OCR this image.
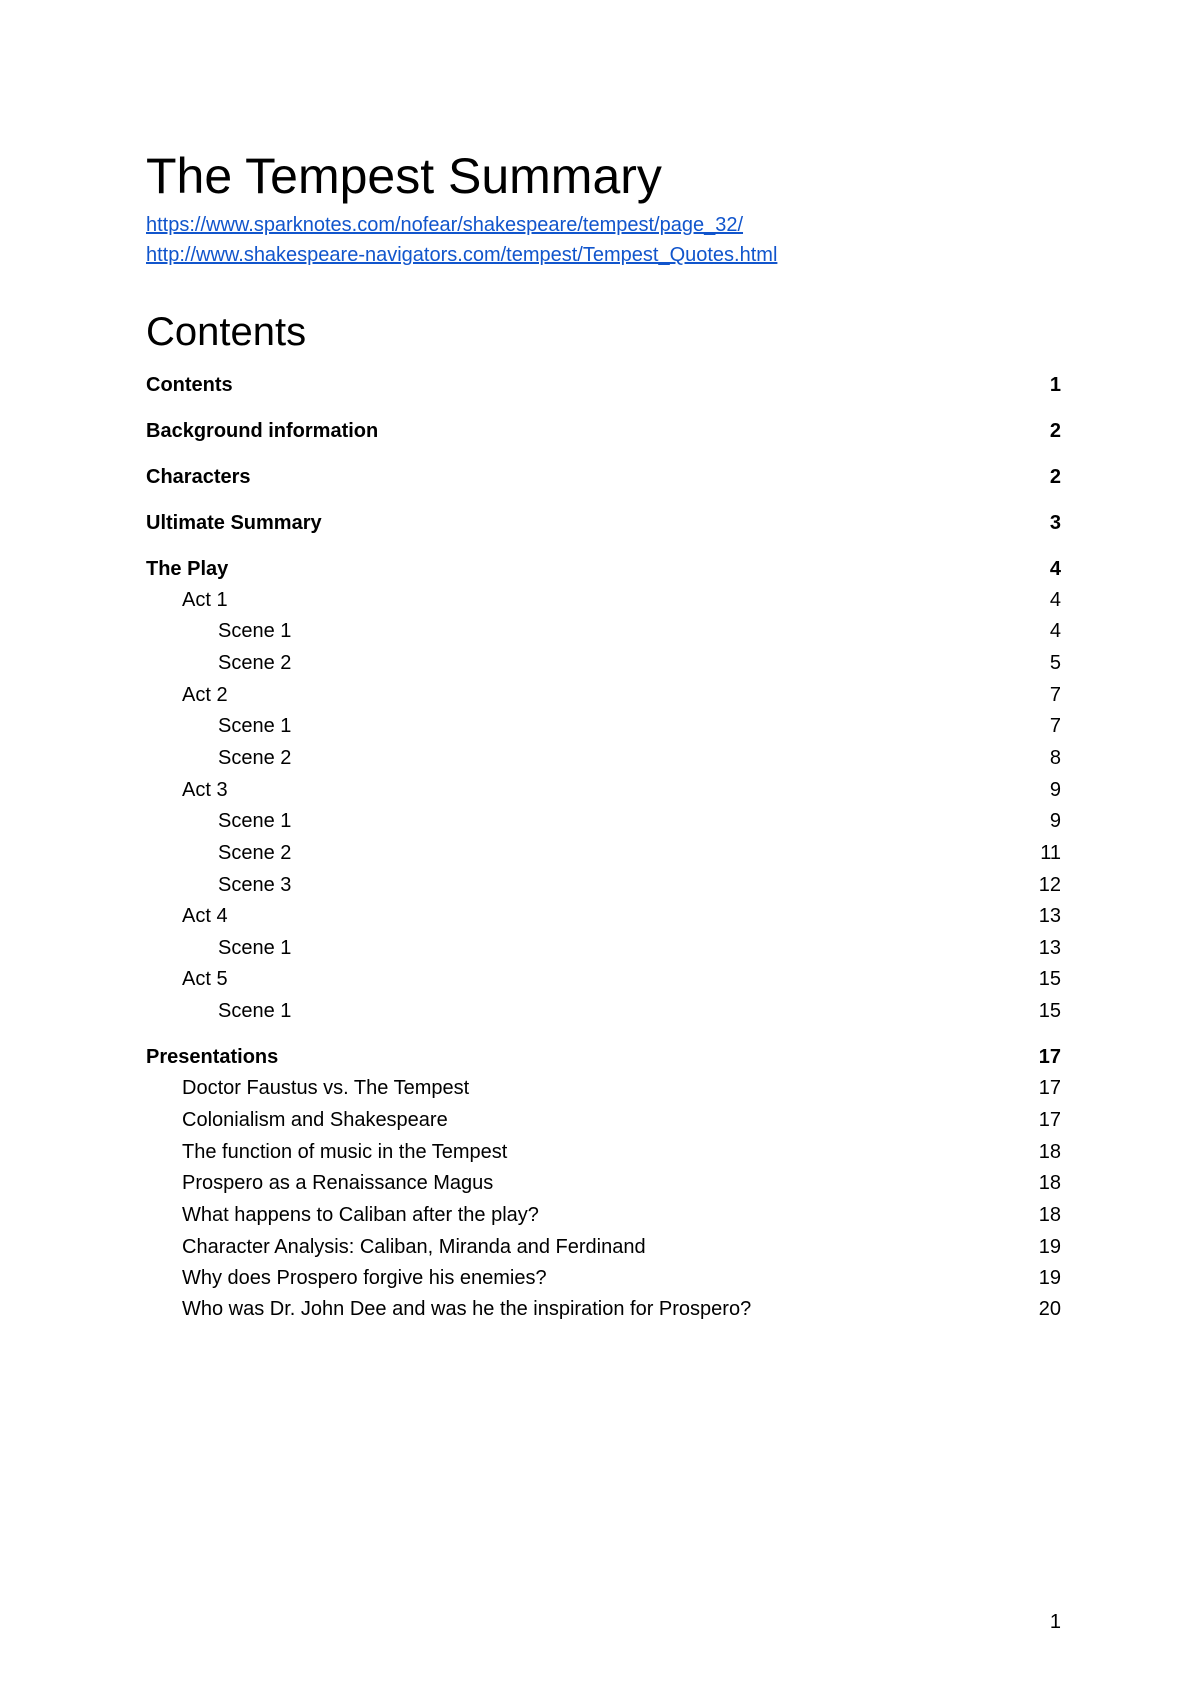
The Tempest Summary
https://www.sparknotes.com/nofear/shakespeare/tempest/page_32/
http://www.shakespeare-navigators.com/tempest/Tempest_Quotes.html
Contents
Contents	1
Background information	2
Characters	2
Ultimate Summary	3
The Play	4
Act 1	4
Scene 1	4
Scene 2	5
Act 2	7
Scene 1	7
Scene 2	8
Act 3	9
Scene 1	9
Scene 2	11
Scene 3	12
Act 4	13
Scene 1	13
Act 5	15
Scene 1	15
Presentations	17
Doctor Faustus vs. The Tempest	17
Colonialism and Shakespeare	17
The function of music in the Tempest	18
Prospero as a Renaissance Magus	18
What happens to Caliban after the play?	18
Character Analysis: Caliban, Miranda and Ferdinand	19
Why does Prospero forgive his enemies?	19
Who was Dr. John Dee and was he the inspiration for Prospero?	20
1
